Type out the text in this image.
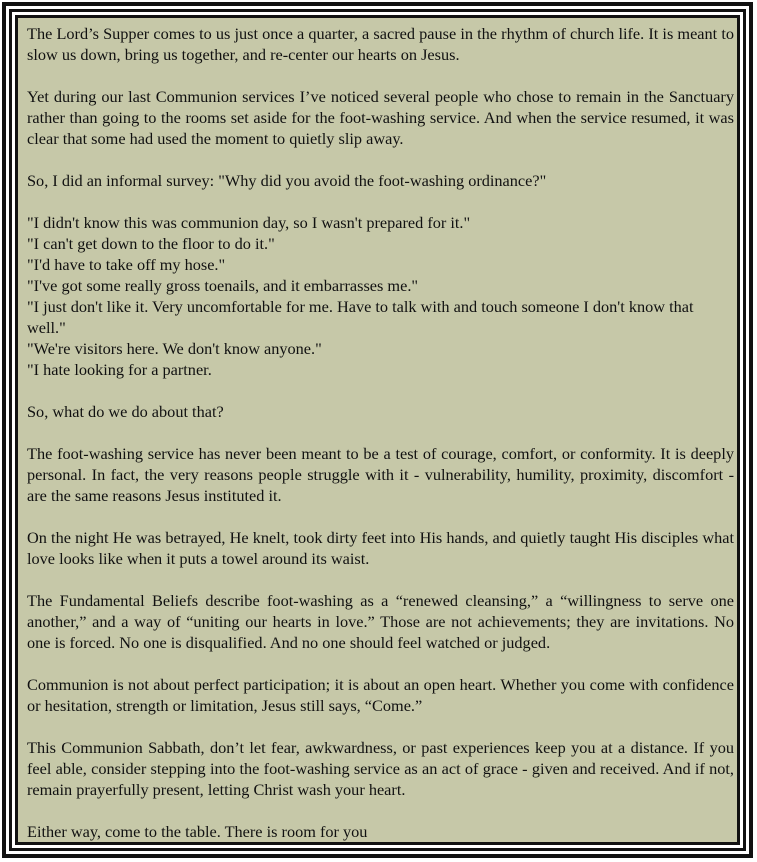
The Lord’s Supper comes to us just once a quarter, a sacred pause in the rhythm of church life. It is meant to slow us down, bring us together, and re-center our hearts on Jesus.

Yet during our last Communion services I’ve noticed several people who chose to remain in the Sanctuary rather than going to the rooms set aside for the foot-washing service. And when the service resumed, it was clear that some had used the moment to quietly slip away.

So, I did an informal survey: "Why did you avoid the foot-washing ordinance?"

"I didn't know this was communion day, so I wasn't prepared for it."
"I can't get down to the floor to do it."
"I'd have to take off my hose."
"I've got some really gross toenails, and it embarrasses me."
"I just don't like it. Very uncomfortable for me. Have to talk with and touch someone I don't know that well."
"We're visitors here. We don't know anyone."
"I hate looking for a partner.

So, what do we do about that?

The foot-washing service has never been meant to be a test of courage, comfort, or conformity. It is deeply personal. In fact, the very reasons people struggle with it - vulnerability, humility, proximity, discomfort - are the same reasons Jesus instituted it.

On the night He was betrayed, He knelt, took dirty feet into His hands, and quietly taught His disciples what love looks like when it puts a towel around its waist.

The Fundamental Beliefs describe foot-washing as a “renewed cleansing,” a “willingness to serve one another,” and a way of “uniting our hearts in love.” Those are not achievements; they are invitations. No one is forced. No one is disqualified. And no one should feel watched or judged.

Communion is not about perfect participation; it is about an open heart. Whether you come with confidence or hesitation, strength or limitation, Jesus still says, “Come.”

This Communion Sabbath, don’t let fear, awkwardness, or past experiences keep you at a distance. If you feel able, consider stepping into the foot-washing service as an act of grace - given and received. And if not, remain prayerfully present, letting Christ wash your heart.

Either way, come to the table. There is room for you
